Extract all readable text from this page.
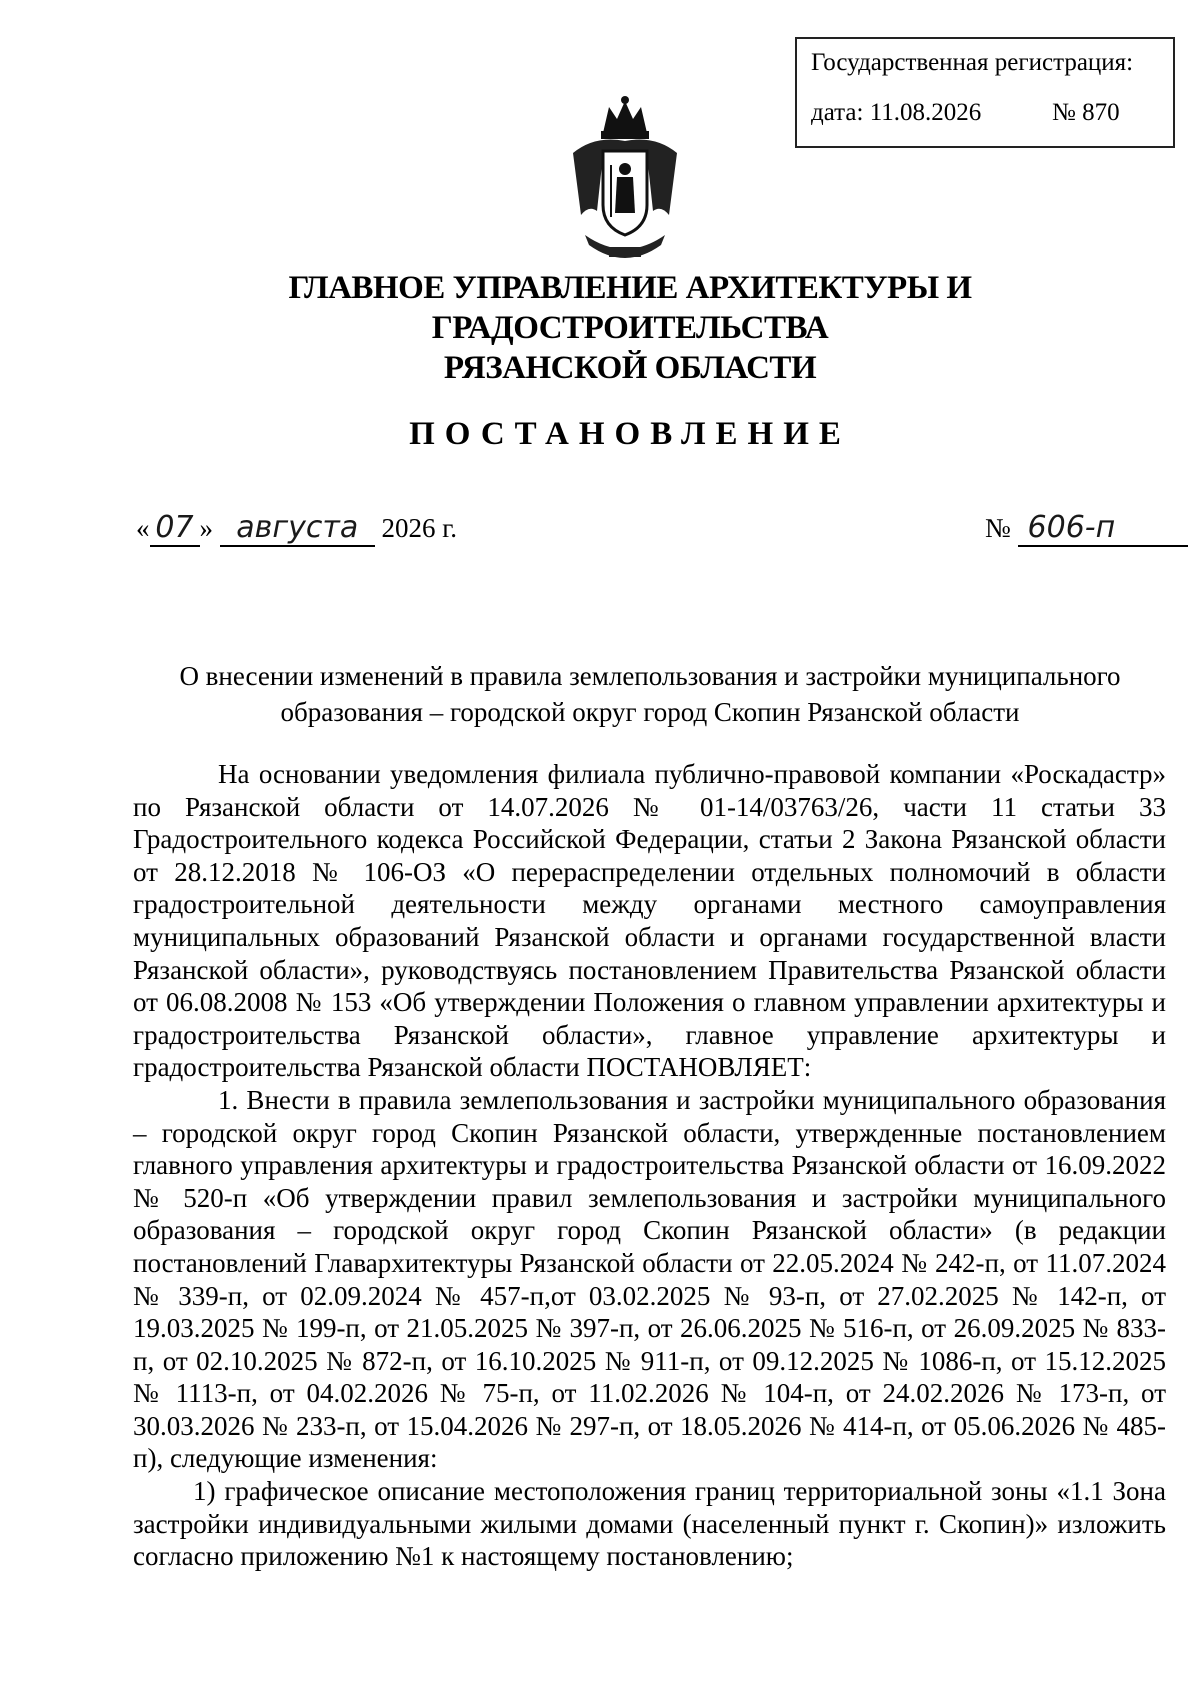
Государственная регистрация:
дата: 11.08.2026	№ 870
ГЛАВНОЕ УПРАВЛЕНИЕ АРХИТЕКТУРЫ И ГРАДОСТРОИТЕЛЬСТВА
РЯЗАНСКОЙ ОБЛАСТИ
ПОСТАНОВЛЕНИЕ
« 07 » августа 2026 г.	№ 606-п
О внесении изменений в правила землепользования и застройки муниципального
образования – городской округ город Скопин Рязанской области

На основании уведомления филиала публично-правовой компании «Роскадастр» по Рязанской области от 14.07.2026 № 01-14/03763/26, части 11 статьи 33 Градостроительного кодекса Российской Федерации, статьи 2 Закона Рязанской области от 28.12.2018 № 106-ОЗ «О перераспределении отдельных полномочий в области градостроительной деятельности между органами местного самоуправления муниципальных образований Рязанской области и органами государственной власти Рязанской области», руководствуясь постановлением Правительства Рязанской области от 06.08.2008 № 153 «Об утверждении Положения о главном управлении архитектуры и градостроительства Рязанской области», главное управление архитектуры и градостроительства Рязанской области ПОСТАНОВЛЯЕТ:

1. Внести в правила землепользования и застройки муниципального образования – городской округ город Скопин Рязанской области, утвержденные постановлением главного управления архитектуры и градостроительства Рязанской области от 16.09.2022 № 520-п «Об утверждении правил землепользования и застройки муниципального образования – городской округ город Скопин Рязанской области» (в редакции постановлений Главархитектуры Рязанской области от 22.05.2024 № 242-п, от 11.07.2024 № 339-п, от 02.09.2024 № 457-п,от 03.02.2025 № 93-п, от 27.02.2025 № 142-п, от 19.03.2025 № 199-п, от 21.05.2025 № 397-п, от 26.06.2025 № 516-п, от 26.09.2025 № 833-п, от 02.10.2025 № 872-п, от 16.10.2025 № 911-п, от 09.12.2025 № 1086-п, от 15.12.2025 № 1113-п, от 04.02.2026 № 75-п, от 11.02.2026 № 104-п, от 24.02.2026 № 173-п, от 30.03.2026 № 233-п, от 15.04.2026 № 297-п, от 18.05.2026 № 414-п, от 05.06.2026 № 485-п), следующие изменения:

1) графическое описание местоположения границ территориальной зоны «1.1 Зона застройки индивидуальными жилыми домами (населенный пункт г. Скопин)» изложить согласно приложению №1 к настоящему постановлению;
